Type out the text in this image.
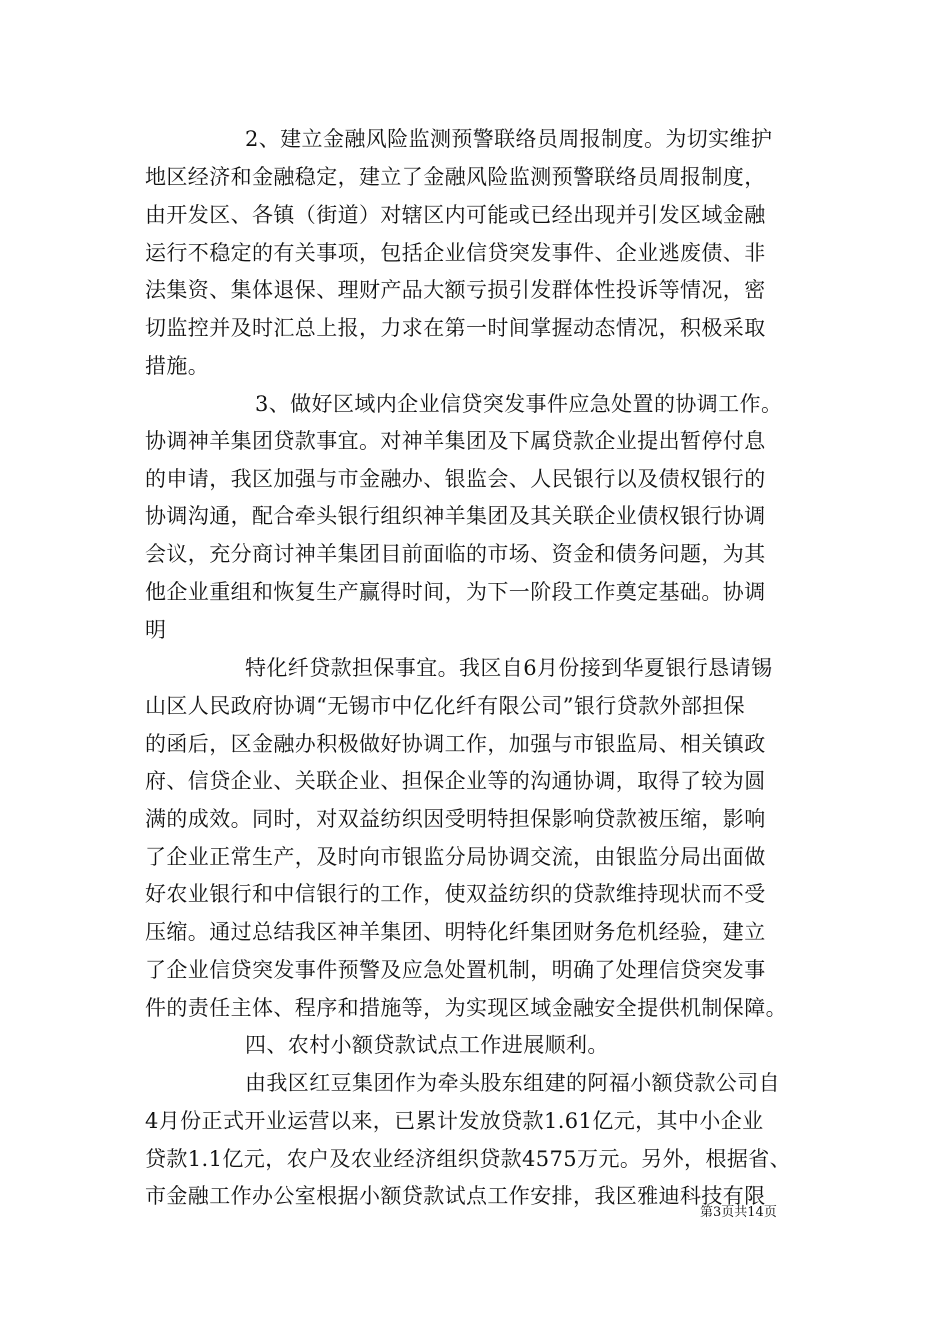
2、建立金融风险监测预警联络员周报制度。为切实维护
地区经济和金融稳定，建立了金融风险监测预警联络员周报制度，
由开发区、各镇（街道）对辖区内可能或已经出现并引发区域金融
运行不稳定的有关事项，包括企业信贷突发事件、企业逃废债、非
法集资、集体退保、理财产品大额亏损引发群体性投诉等情况，密
切监控并及时汇总上报，力求在第一时间掌握动态情况，积极采取
措施。
3、做好区域内企业信贷突发事件应急处置的协调工作。
协调神羊集团贷款事宜。对神羊集团及下属贷款企业提出暂停付息
的申请，我区加强与市金融办、银监会、人民银行以及债权银行的
协调沟通，配合牵头银行组织神羊集团及其关联企业债权银行协调
会议，充分商讨神羊集团目前面临的市场、资金和债务问题，为其
他企业重组和恢复生产赢得时间，为下一阶段工作奠定基础。协调
明
特化纤贷款担保事宜。我区自6月份接到华夏银行恳请锡
山区人民政府协调“无锡市中亿化纤有限公司”银行贷款外部担保
的函后，区金融办积极做好协调工作，加强与市银监局、相关镇政
府、信贷企业、关联企业、担保企业等的沟通协调，取得了较为圆
满的成效。同时，对双益纺织因受明特担保影响贷款被压缩，影响
了企业正常生产，及时向市银监分局协调交流，由银监分局出面做
好农业银行和中信银行的工作，使双益纺织的贷款维持现状而不受
压缩。通过总结我区神羊集团、明特化纤集团财务危机经验，建立
了企业信贷突发事件预警及应急处置机制，明确了处理信贷突发事
件的责任主体、程序和措施等，为实现区域金融安全提供机制保障。
四、农村小额贷款试点工作进展顺利。
由我区红豆集团作为牵头股东组建的阿福小额贷款公司自
4月份正式开业运营以来，已累计发放贷款1.61亿元，其中小企业
贷款1.1亿元，农户及农业经济组织贷款4575万元。另外，根据省、
市金融工作办公室根据小额贷款试点工作安排，我区雅迪科技有限
第3页共14页
